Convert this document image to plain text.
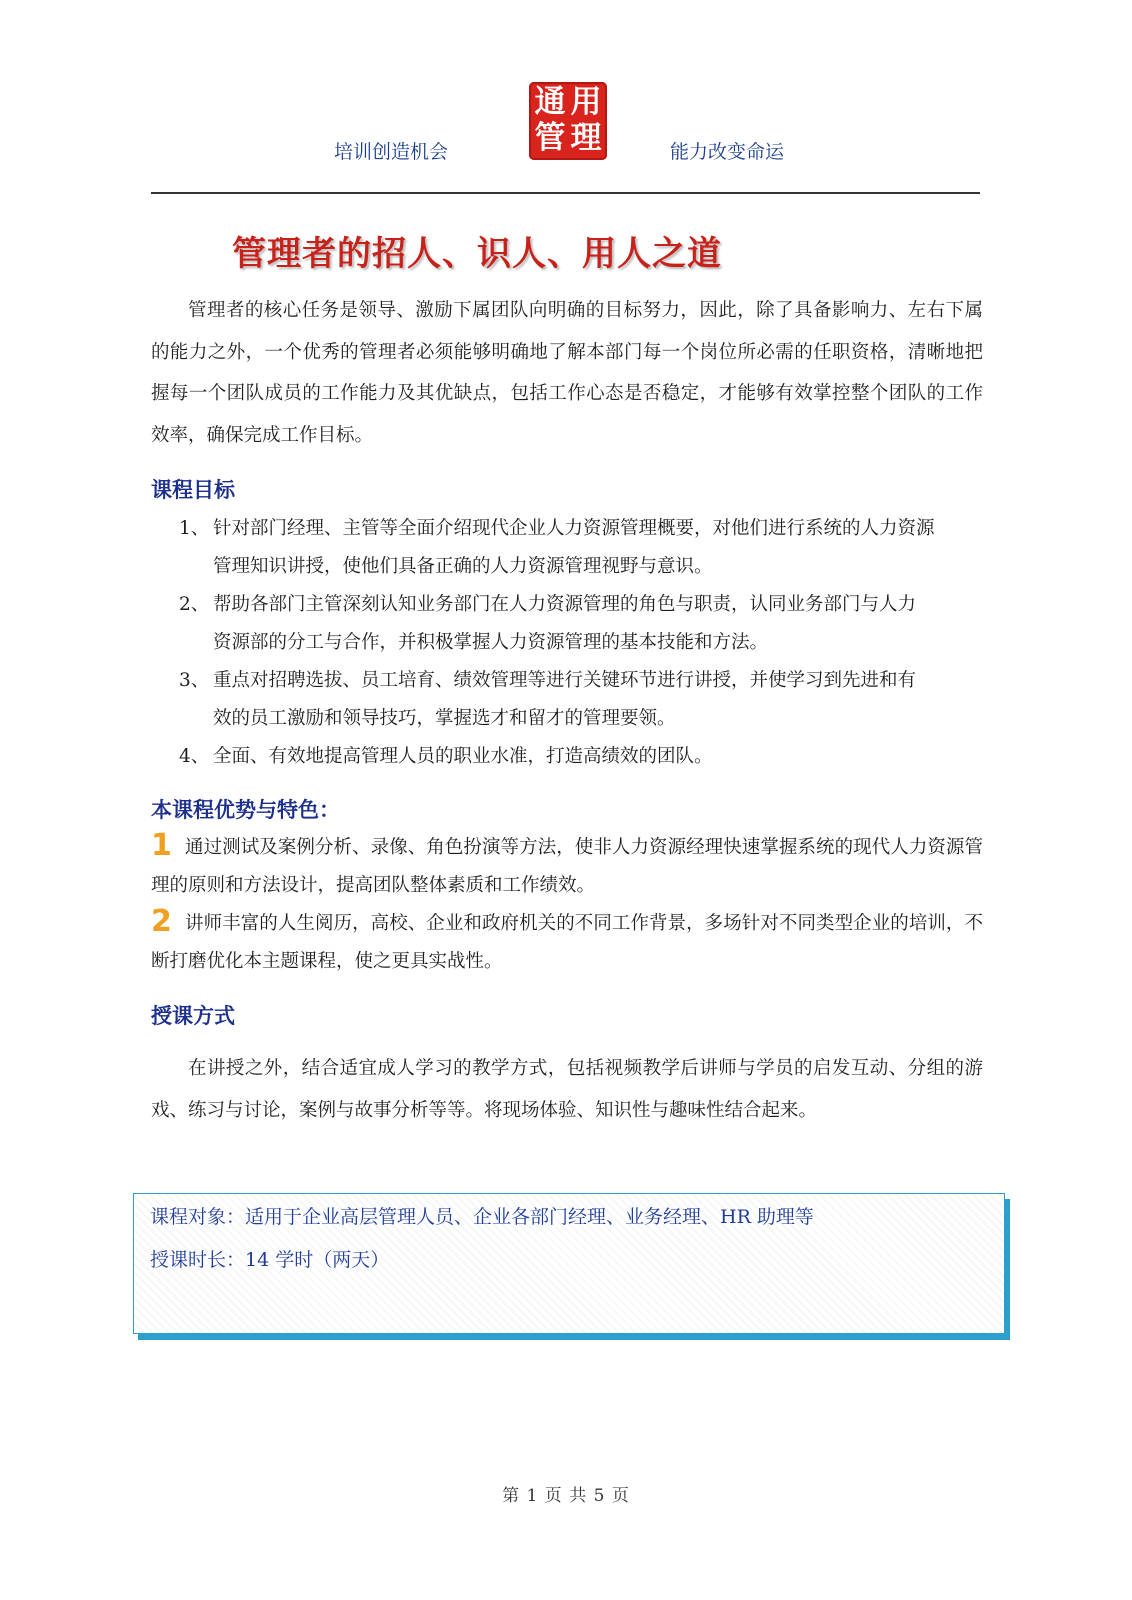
培训创造机会
通 用
管 理	能力改变命运
管理者的招人、识人、用人之道
管理者的核心任务是领导、激励下属团队向明确的目标努力，因此，除了具备影响力、左右下属的能力之外，一个优秀的管理者必须能够明确地了解本部门每一个岗位所必需的任职资格，清晰地把握每一个团队成员的工作能力及其优缺点，包括工作心态是否稳定，才能够有效掌控整个团队的工作效率，确保完成工作目标。
课程目标
1、 针对部门经理、主管等全面介绍现代企业人力资源管理概要，对他们进行系统的人力资源
管理知识讲授，使他们具备正确的人力资源管理视野与意识。
2、 帮助各部门主管深刻认知业务部门在人力资源管理的角色与职责，认同业务部门与人力
资源部的分工与合作，并积极掌握人力资源管理的基本技能和方法。
3、 重点对招聘选拔、员工培育、绩效管理等进行关键环节进行讲授，并使学习到先进和有
效的员工激励和领导技巧，掌握选才和留才的管理要领。
4、 全面、有效地提高管理人员的职业水准，打造高绩效的团队。
本课程优势与特色：
1 通过测试及案例分析、录像、角色扮演等方法，使非人力资源经理快速掌握系统的现代人力资源管理的原则和方法设计，提高团队整体素质和工作绩效。
2 讲师丰富的人生阅历，高校、企业和政府机关的不同工作背景，多场针对不同类型企业的培训，不断打磨优化本主题课程，使之更具实战性。
授课方式
在讲授之外，结合适宜成人学习的教学方式，包括视频教学后讲师与学员的启发互动、分组的游戏、练习与讨论，案例与故事分析等等。将现场体验、知识性与趣味性结合起来。
课程对象：适用于企业高层管理人员、企业各部门经理、业务经理、HR 助理等
授课时长：14 学时（两天）
第 1 页 共 5 页
